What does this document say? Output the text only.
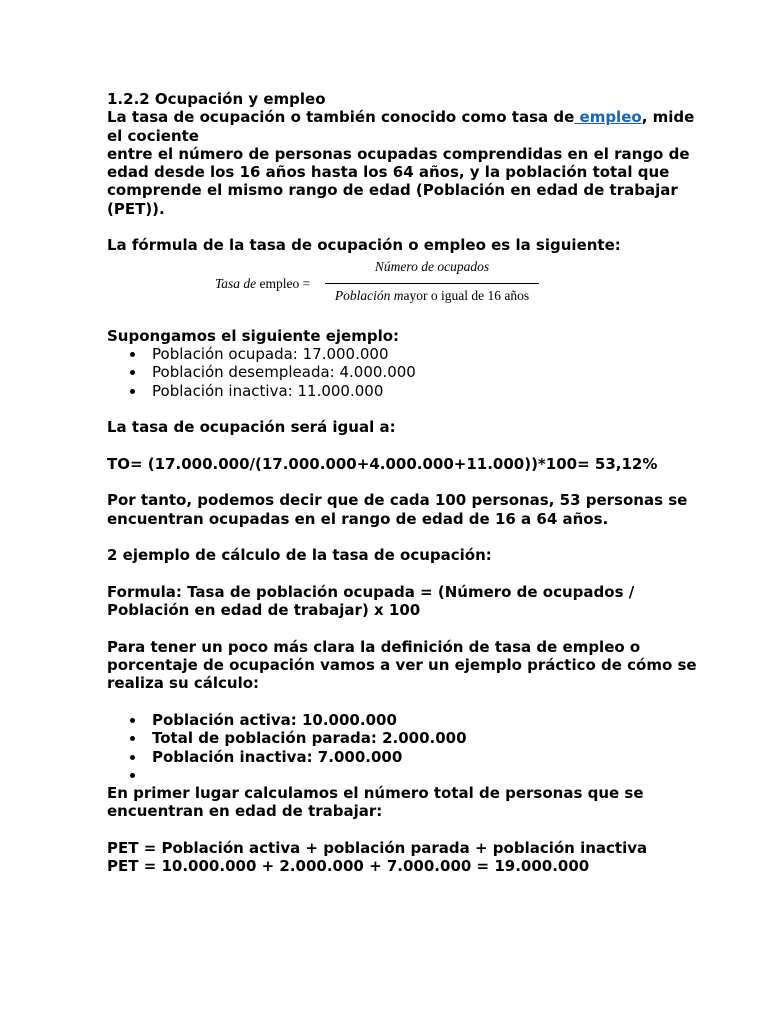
1.2.2 Ocupación y empleo

La tasa de ocupación o también conocido como tasa de empleo, mide el cociente

entre el número de personas ocupadas comprendidas en el rango de edad desde los 16 años hasta los 64 años, y la población total que comprende el mismo rango de edad (Población en edad de trabajar (PET)).

La fórmula de la tasa de ocupación o empleo es la siguiente:

Tasa de empleo =
Número de ocupados
Población mayor o igual de 16 años

Supongamos el siguiente ejemplo:

Población ocupada: 17.000.000
Población desempleada: 4.000.000
Población inactiva: 11.000.000

La tasa de ocupación será igual a:

TO= (17.000.000/(17.000.000+4.000.000+11.000))*100= 53,12%

Por tanto, podemos decir que de cada 100 personas, 53 personas se encuentran ocupadas en el rango de edad de 16 a 64 años.

2 ejemplo de cálculo de la tasa de ocupación:

Formula: Tasa de población ocupada = (Número de ocupados / Población en edad de trabajar) x 100

Para tener un poco más clara la definición de tasa de empleo o porcentaje de ocupación vamos a ver un ejemplo práctico de cómo se realiza su cálculo:

Población activa: 10.000.000
Total de población parada: 2.000.000
Población inactiva: 7.000.000

En primer lugar calculamos el número total de personas que se encuentran en edad de trabajar:

PET = Población activa + población parada + población inactiva

PET = 10.000.000 + 2.000.000 + 7.000.000 = 19.000.000
